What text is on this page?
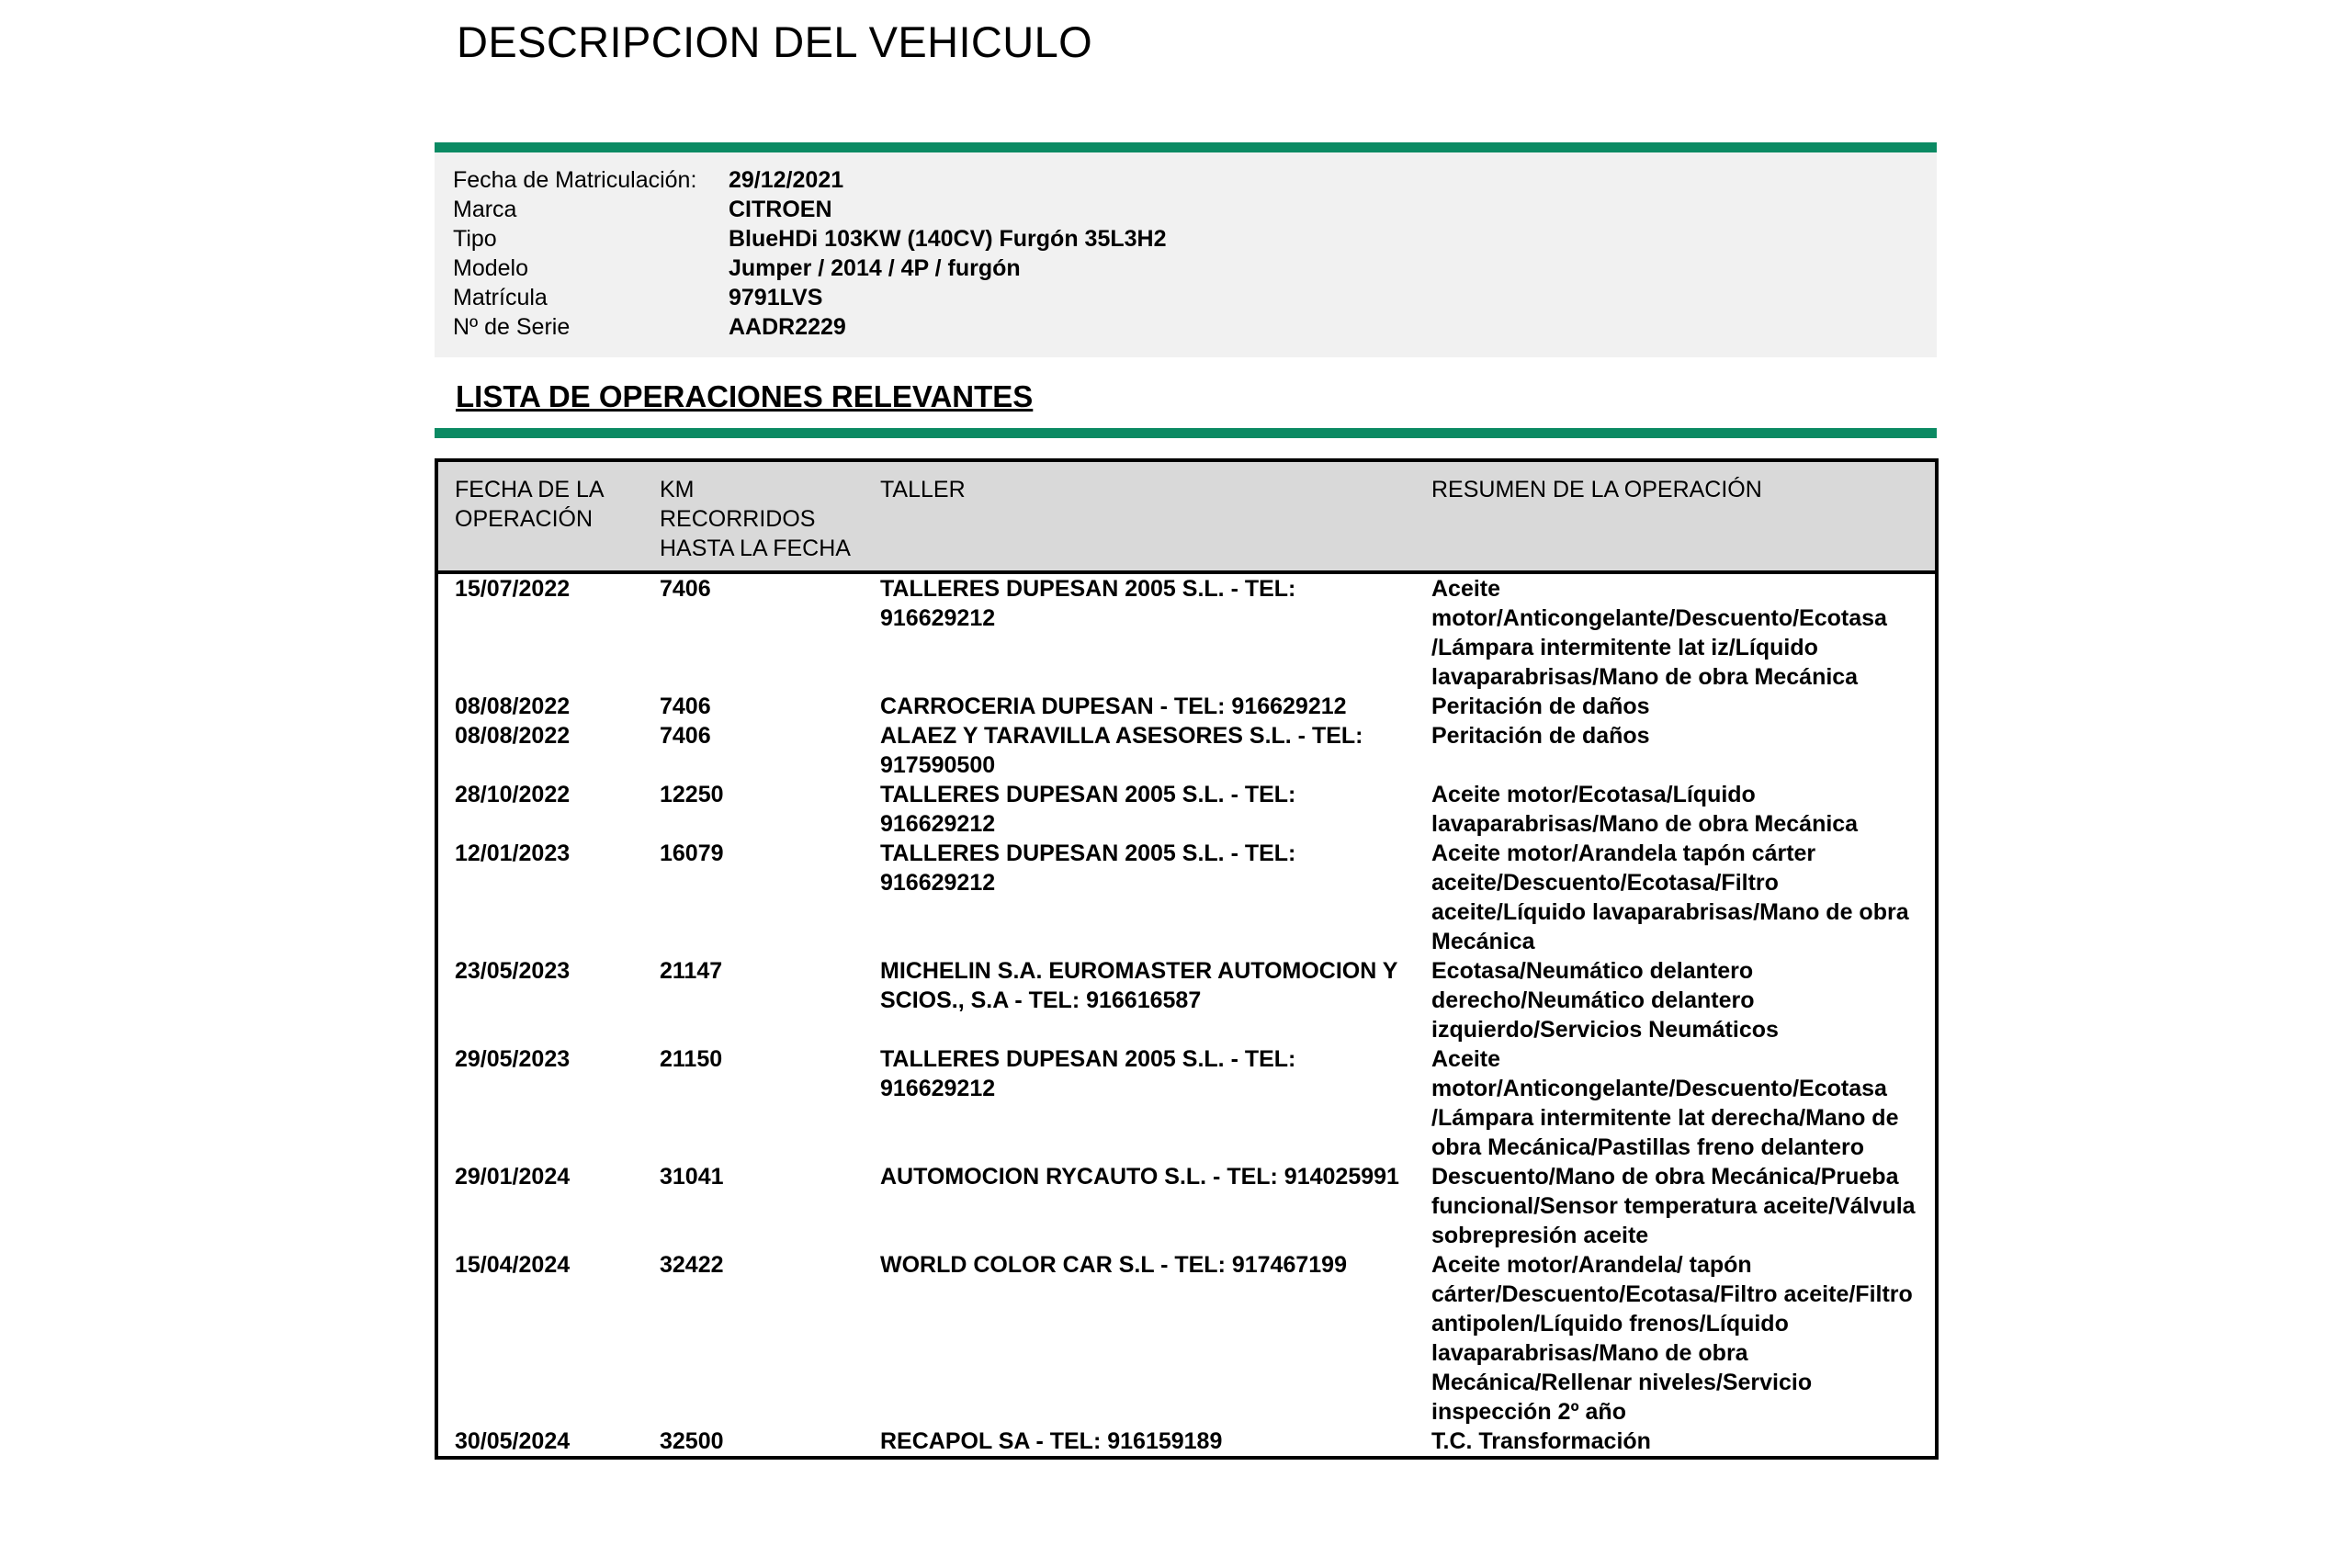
DESCRIPCION DEL VEHICULO
Fecha de Matriculación:	29/12/2021
Marca	CITROEN
Tipo	BlueHDi 103KW (140CV) Furgón 35L3H2
Modelo	Jumper / 2014 / 4P / furgón
Matrícula	9791LVS
Nº de Serie	AADR2229
LISTA DE OPERACIONES RELEVANTES
FECHA DE LA OPERACIÓN	KM RECORRIDOS HASTA LA FECHA	TALLER	RESUMEN DE LA OPERACIÓN
15/07/2022	7406	TALLERES DUPESAN 2005 S.L. - TEL: 916629212	Aceite motor/Anticongelante/Descuento/Ecotasa /Lámpara intermitente lat iz/Líquido lavaparabrisas/Mano de obra Mecánica
08/08/2022	7406	CARROCERIA DUPESAN - TEL: 916629212	Peritación de daños
08/08/2022	7406	ALAEZ Y TARAVILLA ASESORES S.L. - TEL: 917590500	Peritación de daños
28/10/2022	12250	TALLERES DUPESAN 2005 S.L. - TEL: 916629212	Aceite motor/Ecotasa/Líquido lavaparabrisas/Mano de obra Mecánica
12/01/2023	16079	TALLERES DUPESAN 2005 S.L. - TEL: 916629212	Aceite motor/Arandela tapón cárter aceite/Descuento/Ecotasa/Filtro aceite/Líquido lavaparabrisas/Mano de obra Mecánica
23/05/2023	21147	MICHELIN S.A. EUROMASTER AUTOMOCION Y SCIOS., S.A - TEL: 916616587	Ecotasa/Neumático delantero derecho/Neumático delantero izquierdo/Servicios Neumáticos
29/05/2023	21150	TALLERES DUPESAN 2005 S.L. - TEL: 916629212	Aceite motor/Anticongelante/Descuento/Ecotasa /Lámpara intermitente lat derecha/Mano de obra Mecánica/Pastillas freno delantero
29/01/2024	31041	AUTOMOCION RYCAUTO S.L. - TEL: 914025991	Descuento/Mano de obra Mecánica/Prueba funcional/Sensor temperatura aceite/Válvula sobrepresión aceite
15/04/2024	32422	WORLD COLOR CAR S.L - TEL: 917467199	Aceite motor/Arandela/ tapón cárter/Descuento/Ecotasa/Filtro aceite/Filtro antipolen/Líquido frenos/Líquido lavaparabrisas/Mano de obra Mecánica/Rellenar niveles/Servicio inspección 2º año
30/05/2024	32500	RECAPOL SA - TEL: 916159189	T.C. Transformación
